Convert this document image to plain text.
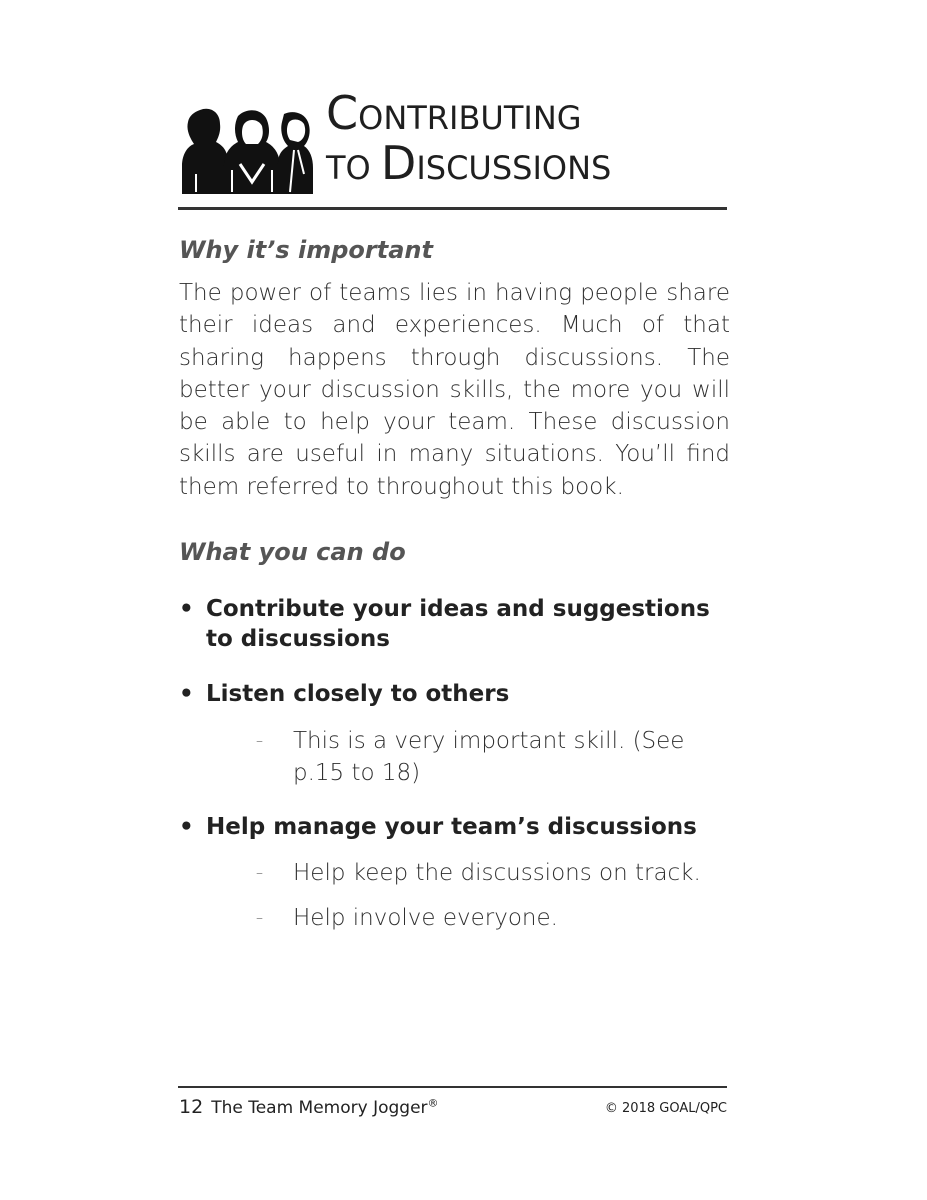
CONTRIBUTING
TO DISCUSSIONS
Why it’s important

The power of teams lies in having people share their ideas and experiences. Much of that sharing happens through discussions. The better your discussion skills, the more you will be able to help your team. These discussion skills are useful in many situations. You’ll find them referred to throughout this book.

What you can do
• Contribute your ideas and suggestions to discussions
• Listen closely to others
– This is a very important skill. (See p.15 to 18)
• Help manage your team’s discussions
– Help keep the discussions on track.
– Help involve everyone.
12 The Team Memory Jogger®	© 2018 GOAL/QPC
